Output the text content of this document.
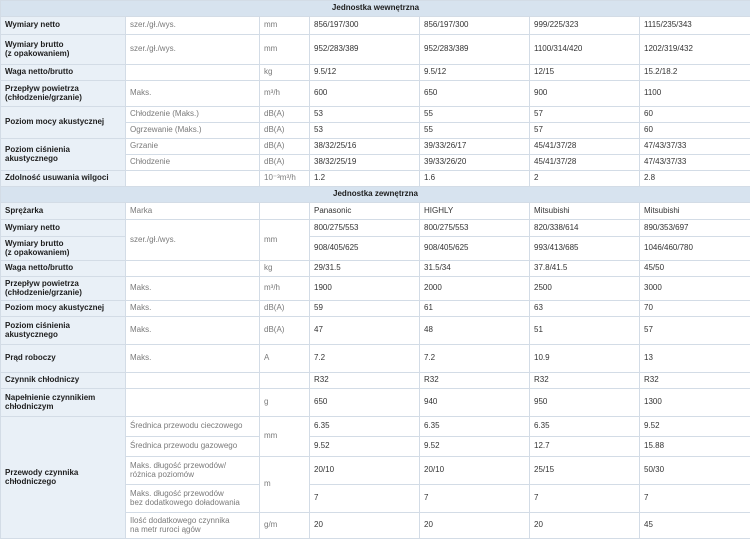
Jednostka wewnętrzna						
Wymiary netto	szer./gł./wys.	mm	856/197/300	856/197/300	999/225/323	1115/235/343
Wymiary brutto
(z opakowaniem)	szer./gł./wys.	mm	952/283/389	952/283/389	1100/314/420	1202/319/432
Waga netto/brutto		kg	9.5/12	9.5/12	12/15	15.2/18.2
Przepływ powietrza
(chłodzenie/grzanie)	Maks.	m³/h	600	650	900	1100
Poziom mocy akustycznej	Chłodzenie (Maks.)	dB(A)	53	55	57	60
	Ogrzewanie (Maks.)	dB(A)	53	55	57	60
Poziom ciśnienia
akustycznego	Grzanie	dB(A)	38/32/25/16	39/33/26/17	45/41/37/28	47/43/37/33
	Chłodzenie	dB(A)	38/32/25/19	39/33/26/20	45/41/37/28	47/43/37/33
Zdolność usuwania wilgoci		10⁻³m³/h	1.2	1.6	2	2.8
Jednostka zewnętrzna						
Sprężarka	Marka		Panasonic	HIGHLY	Mitsubishi	Mitsubishi
Wymiary netto	szer./gł./wys.	mm	800/275/553	800/275/553	820/338/614	890/353/697
Wymiary brutto
(z opakowaniem)			908/405/625	908/405/625	993/413/685	1046/460/780
Waga netto/brutto		kg	29/31.5	31.5/34	37.8/41.5	45/50
Przepływ powietrza
(chłodzenie/grzanie)	Maks.	m³/h	1900	2000	2500	3000
Poziom mocy akustycznej	Maks.	dB(A)	59	61	63	70
Poziom ciśnienia
akustycznego	Maks.	dB(A)	47	48	51	57
Prąd roboczy	Maks.	A	7.2	7.2	10.9	13
Czynnik chłodniczy			R32	R32	R32	R32
Napełnienie czynnikiem
chłodniczym		g	650	940	950	1300
Przewody czynnika
chłodniczego	Średnica przewodu cieczowego	mm	6.35	6.35	6.35	9.52
	Średnica przewodu gazowego		9.52	9.52	12.7	15.88
	Maks. długość przewodów/
różnica poziomów	m	20/10	20/10	25/15	50/30
	Maks. długość przewodów
bez dodatkowego doładowania		7	7	7	7
	Ilość dodatkowego czynnika
na metr ruroci ągów	g/m	20	20	20	45
